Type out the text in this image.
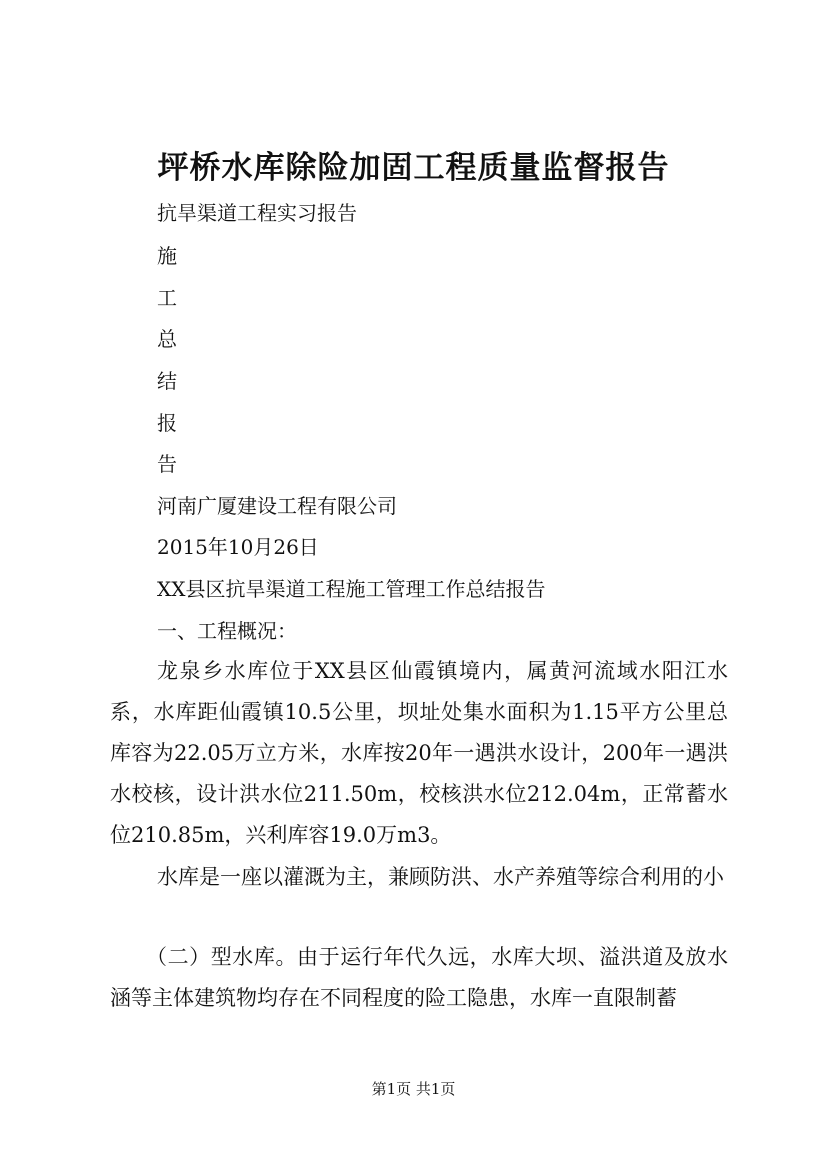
坪桥水库除险加固工程质量监督报告
抗旱渠道工程实习报告
施
工
总
结
报
告
河南广厦建设工程有限公司
2015年10月26日
XX县区抗旱渠道工程施工管理工作总结报告
一、工程概况：
龙泉乡水库位于XX县区仙霞镇境内，属黄河流域水阳江水系，水库距仙霞镇10.5公里，坝址处集水面积为1.15平方公里总库容为22.05万立方米，水库按20年一遇洪水设计，200年一遇洪水校核，设计洪水位211.50m，校核洪水位212.04m，正常蓄水位210.85m，兴利库容19.0万m3。
水库是一座以灌溉为主，兼顾防洪、水产养殖等综合利用的小
（二）型水库。由于运行年代久远，水库大坝、溢洪道及放水涵等主体建筑物均存在不同程度的险工隐患，水库一直限制蓄
第1页 共1页
